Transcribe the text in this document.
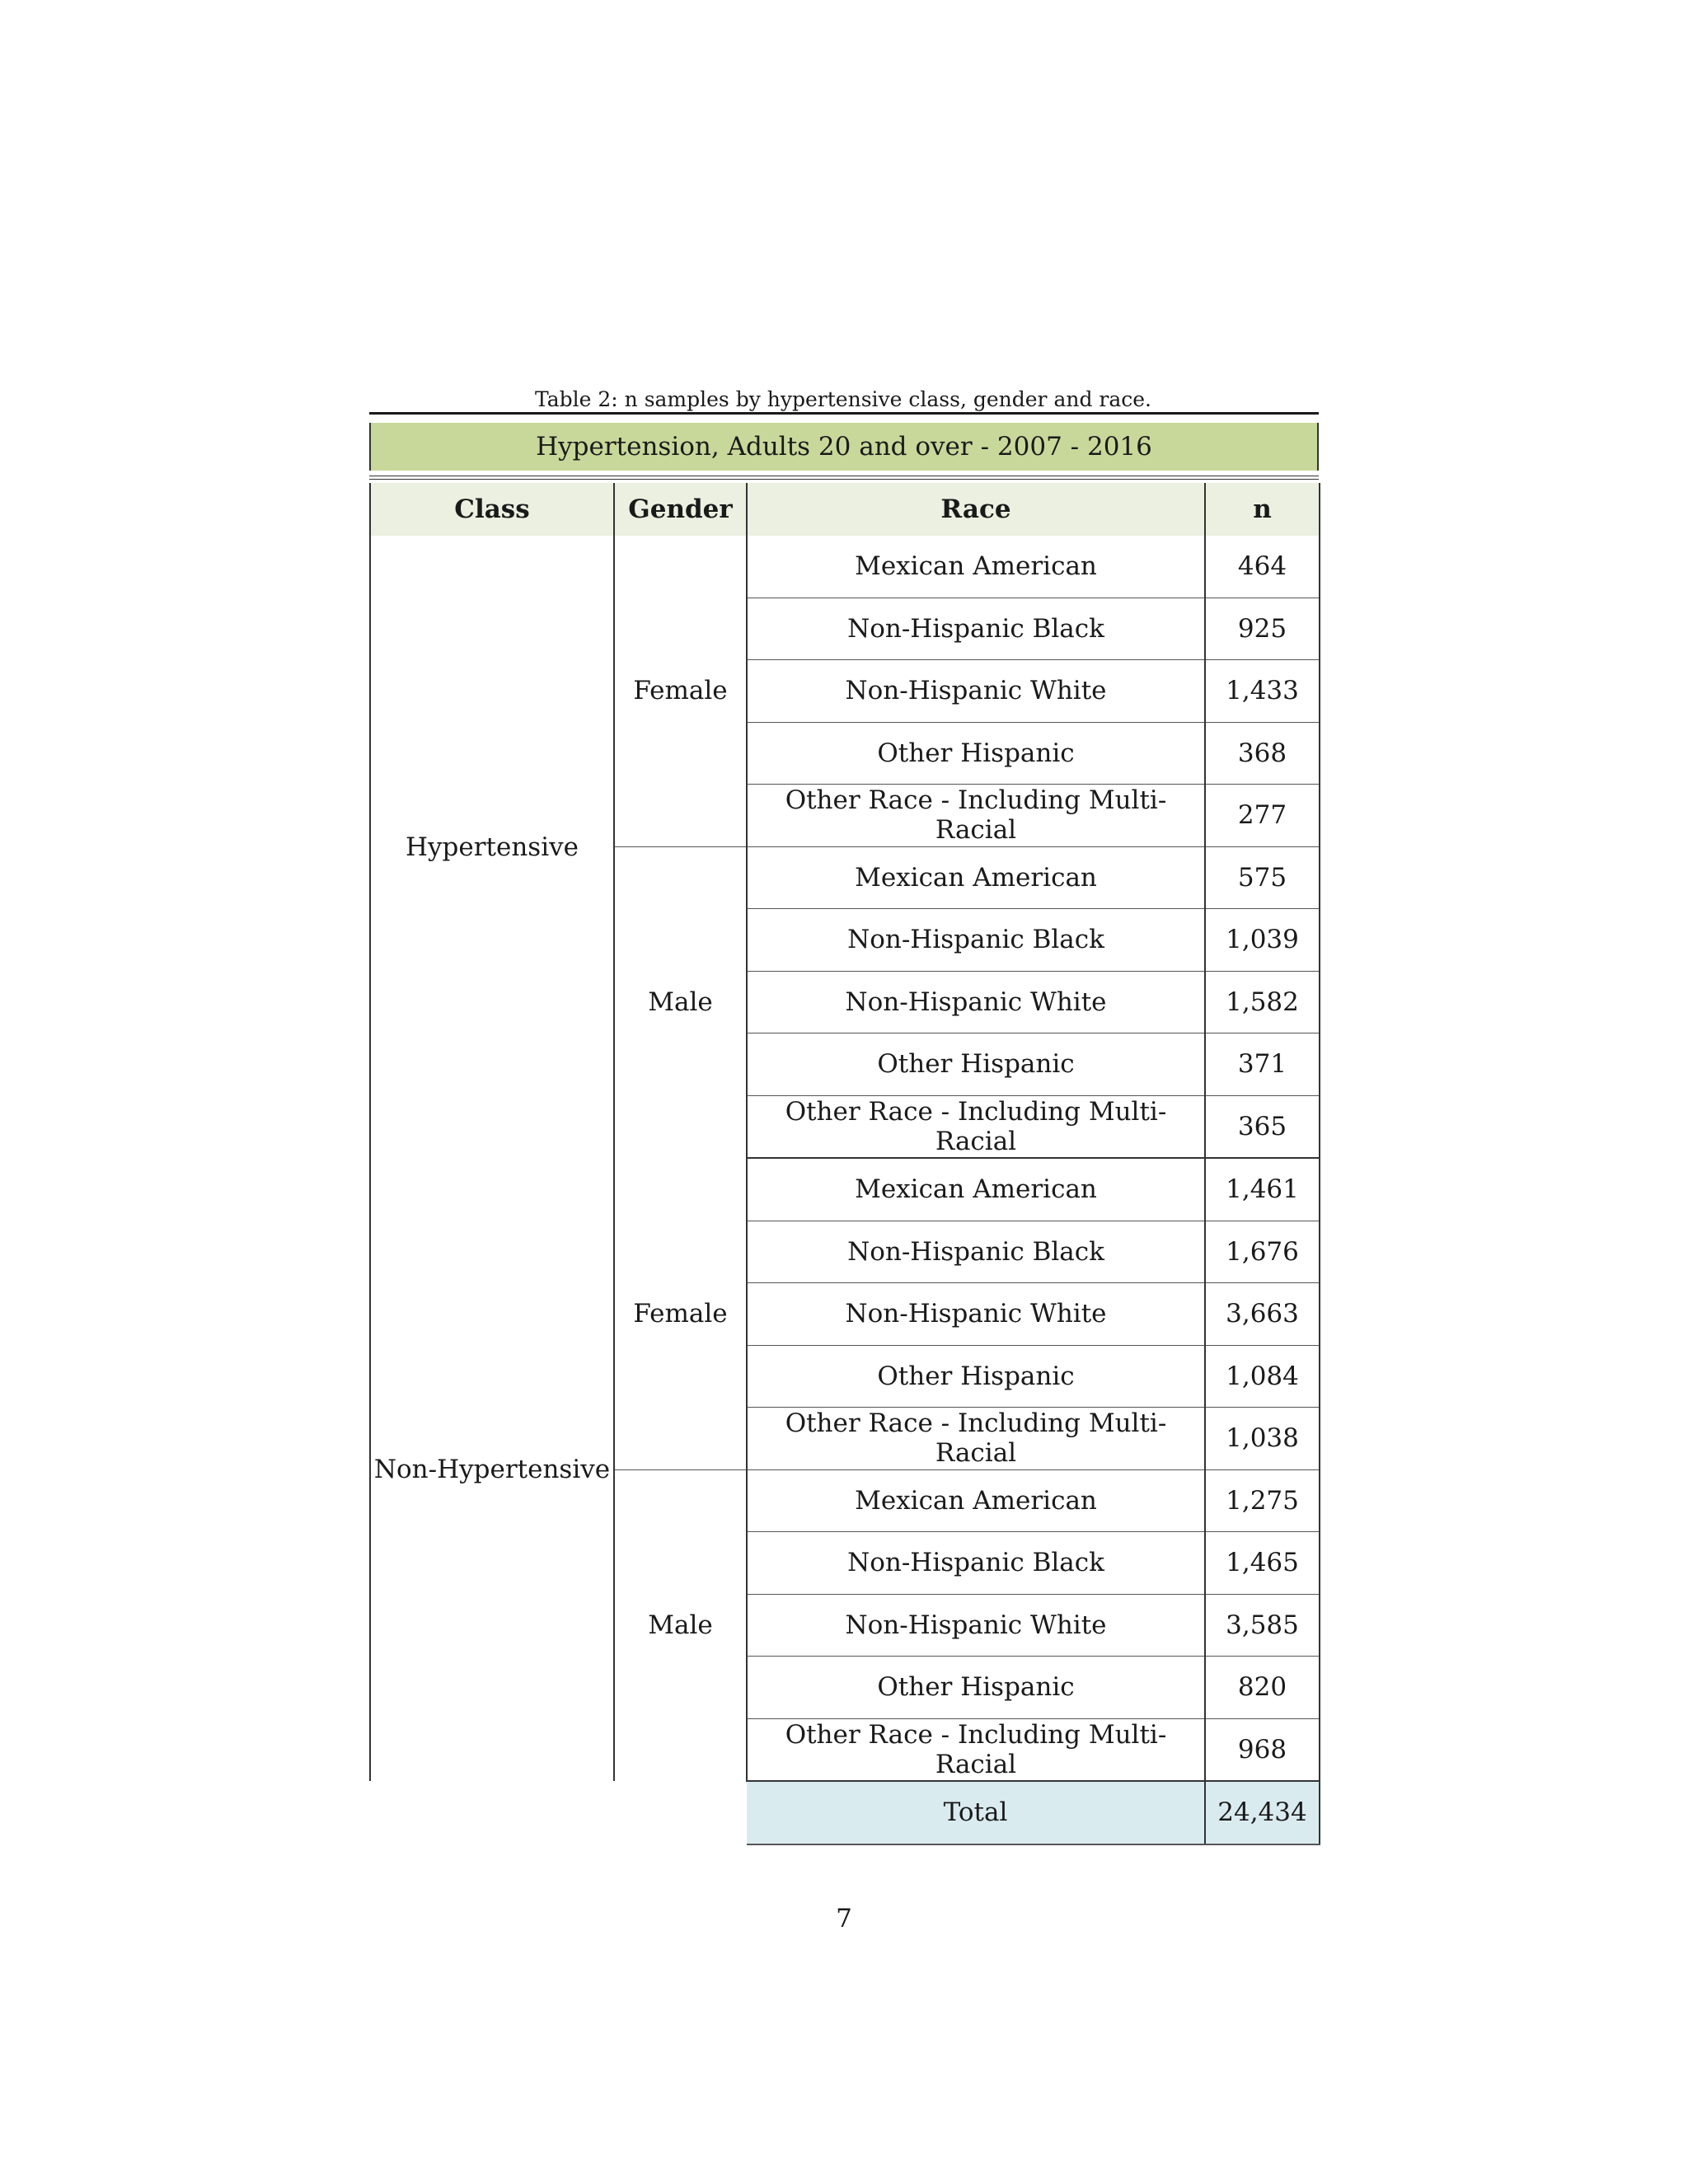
Table 2: n samples by hypertensive class, gender and race.
Hypertension, Adults 20 and over - 2007 - 2016
Class	Gender	Race	n
Hypertensive	Female	Mexican American	464
		Non-Hispanic Black	925
		Non-Hispanic White	1,433
		Other Hispanic	368
		Other Race - Including Multi-Racial	277
	Male	Mexican American	575
		Non-Hispanic Black	1,039
		Non-Hispanic White	1,582
		Other Hispanic	371
		Other Race - Including Multi-Racial	365
Non-Hypertensive	Female	Mexican American	1,461
		Non-Hispanic Black	1,676
		Non-Hispanic White	3,663
		Other Hispanic	1,084
		Other Race - Including Multi-Racial	1,038
	Male	Mexican American	1,275
		Non-Hispanic Black	1,465
		Non-Hispanic White	3,585
		Other Hispanic	820
		Other Race - Including Multi-Racial	968
		Total	24,434
7
